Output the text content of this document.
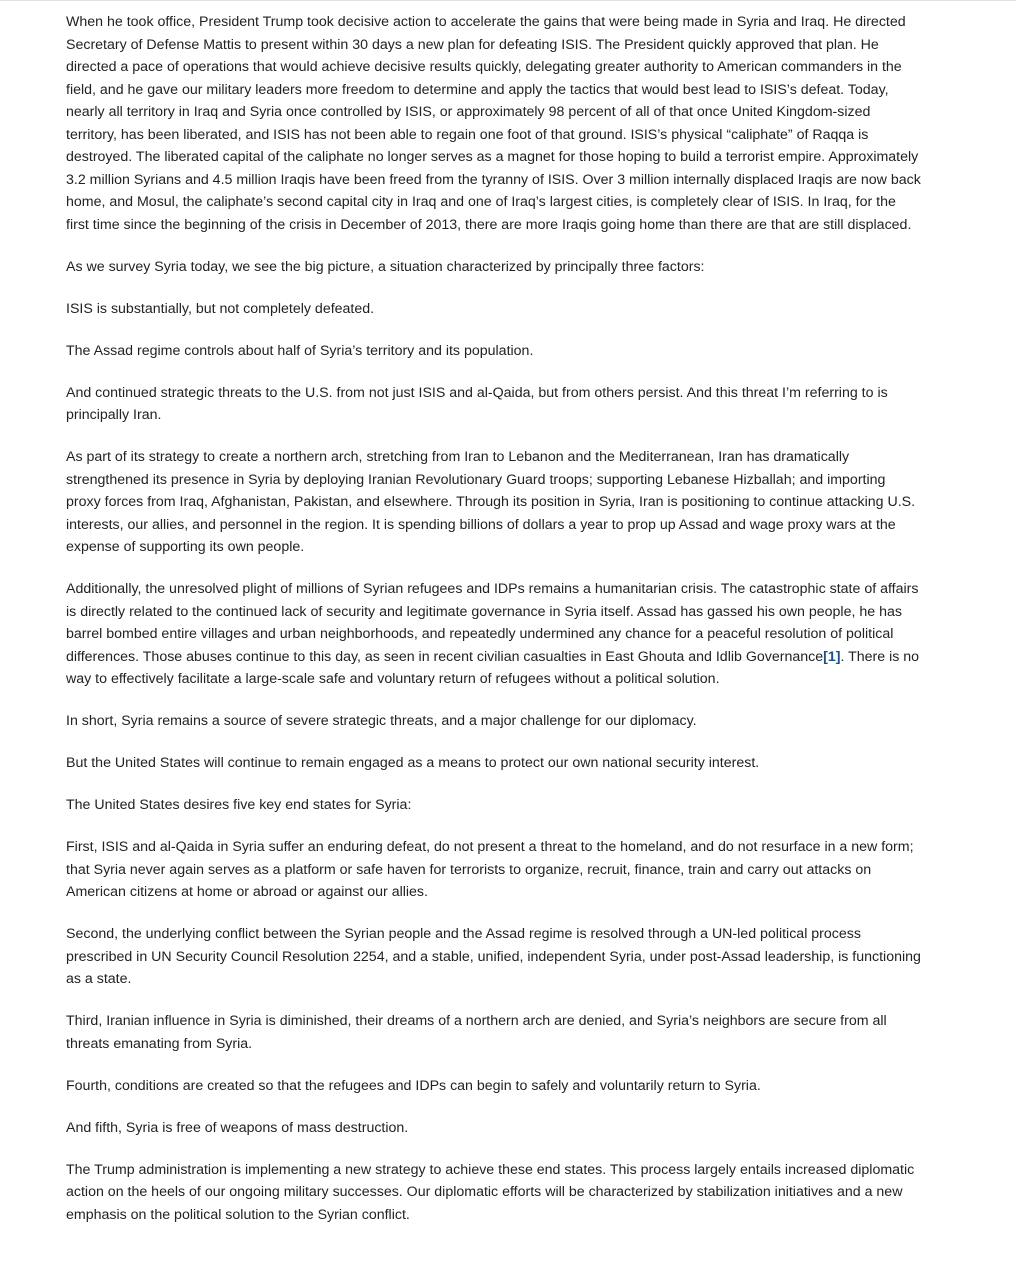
When he took office, President Trump took decisive action to accelerate the gains that were being made in Syria and Iraq. He directed Secretary of Defense Mattis to present within 30 days a new plan for defeating ISIS. The President quickly approved that plan. He directed a pace of operations that would achieve decisive results quickly, delegating greater authority to American commanders in the field, and he gave our military leaders more freedom to determine and apply the tactics that would best lead to ISIS’s defeat. Today, nearly all territory in Iraq and Syria once controlled by ISIS, or approximately 98 percent of all of that once United Kingdom-sized territory, has been liberated, and ISIS has not been able to regain one foot of that ground. ISIS’s physical “caliphate” of Raqqa is destroyed. The liberated capital of the caliphate no longer serves as a magnet for those hoping to build a terrorist empire. Approximately 3.2 million Syrians and 4.5 million Iraqis have been freed from the tyranny of ISIS. Over 3 million internally displaced Iraqis are now back home, and Mosul, the caliphate’s second capital city in Iraq and one of Iraq’s largest cities, is completely clear of ISIS. In Iraq, for the first time since the beginning of the crisis in December of 2013, there are more Iraqis going home than there are that are still displaced.

As we survey Syria today, we see the big picture, a situation characterized by principally three factors:

ISIS is substantially, but not completely defeated.

The Assad regime controls about half of Syria’s territory and its population.

And continued strategic threats to the U.S. from not just ISIS and al-Qaida, but from others persist. And this threat I’m referring to is principally Iran.

As part of its strategy to create a northern arch, stretching from Iran to Lebanon and the Mediterranean, Iran has dramatically strengthened its presence in Syria by deploying Iranian Revolutionary Guard troops; supporting Lebanese Hizballah; and importing proxy forces from Iraq, Afghanistan, Pakistan, and elsewhere. Through its position in Syria, Iran is positioning to continue attacking U.S. interests, our allies, and personnel in the region. It is spending billions of dollars a year to prop up Assad and wage proxy wars at the expense of supporting its own people.

Additionally, the unresolved plight of millions of Syrian refugees and IDPs remains a humanitarian crisis. The catastrophic state of affairs is directly related to the continued lack of security and legitimate governance in Syria itself. Assad has gassed his own people, he has barrel bombed entire villages and urban neighborhoods, and repeatedly undermined any chance for a peaceful resolution of political differences. Those abuses continue to this day, as seen in recent civilian casualties in East Ghouta and Idlib Governance[1]. There is no way to effectively facilitate a large-scale safe and voluntary return of refugees without a political solution.

In short, Syria remains a source of severe strategic threats, and a major challenge for our diplomacy.

But the United States will continue to remain engaged as a means to protect our own national security interest.

The United States desires five key end states for Syria:

First, ISIS and al-Qaida in Syria suffer an enduring defeat, do not present a threat to the homeland, and do not resurface in a new form; that Syria never again serves as a platform or safe haven for terrorists to organize, recruit, finance, train and carry out attacks on American citizens at home or abroad or against our allies.

Second, the underlying conflict between the Syrian people and the Assad regime is resolved through a UN-led political process prescribed in UN Security Council Resolution 2254, and a stable, unified, independent Syria, under post-Assad leadership, is functioning as a state.

Third, Iranian influence in Syria is diminished, their dreams of a northern arch are denied, and Syria’s neighbors are secure from all threats emanating from Syria.

Fourth, conditions are created so that the refugees and IDPs can begin to safely and voluntarily return to Syria.

And fifth, Syria is free of weapons of mass destruction.

The Trump administration is implementing a new strategy to achieve these end states. This process largely entails increased diplomatic action on the heels of our ongoing military successes. Our diplomatic efforts will be characterized by stabilization initiatives and a new emphasis on the political solution to the Syrian conflict.
